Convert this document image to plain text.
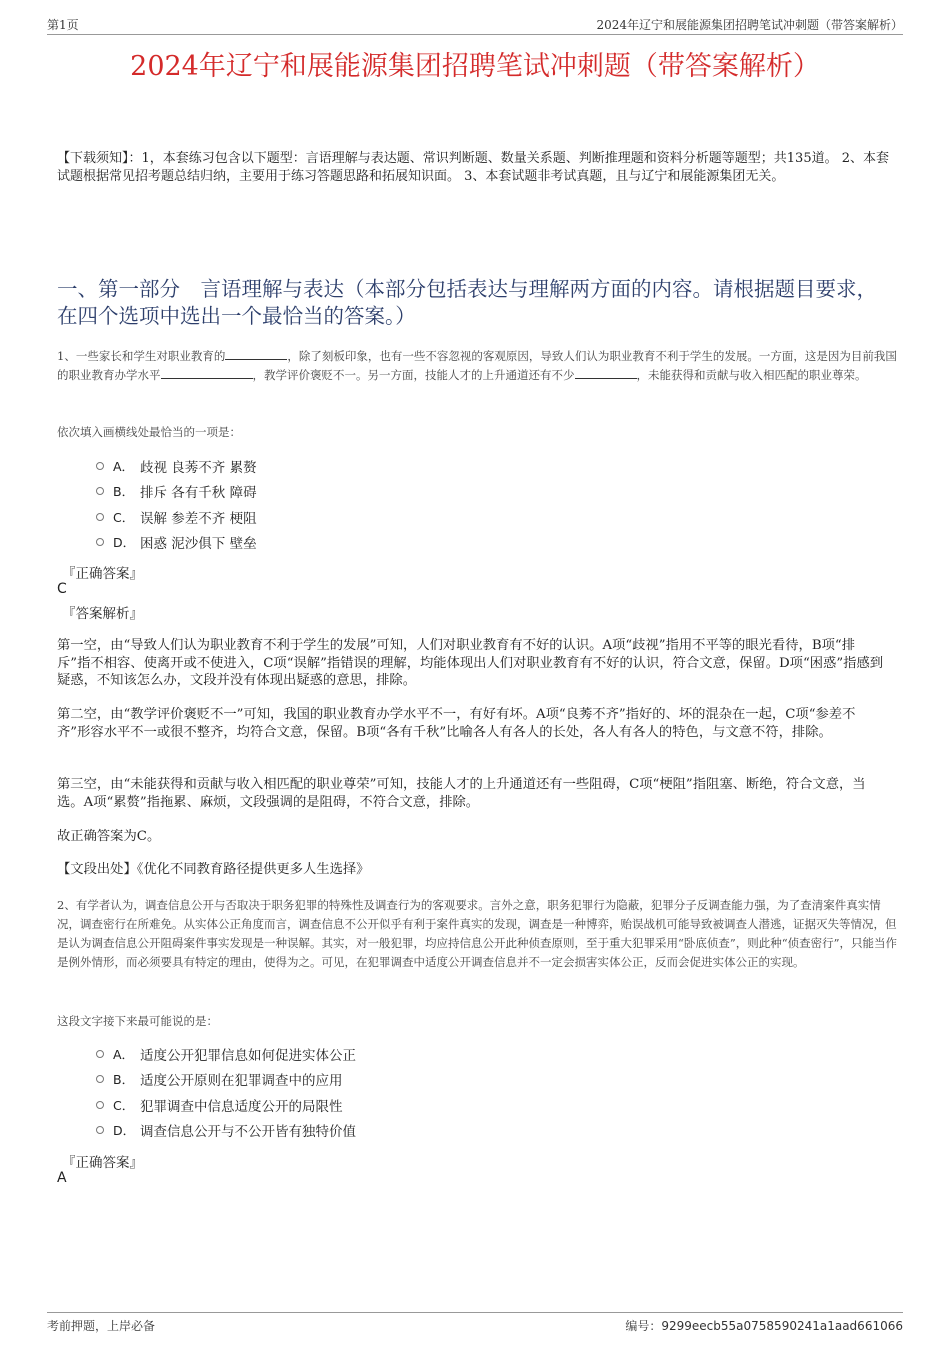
第1页	2024年辽宁和展能源集团招聘笔试冲刺题（带答案解析）
2024年辽宁和展能源集团招聘笔试冲刺题（带答案解析）
【下载须知】：1，本套练习包含以下题型：言语理解与表达题、常识判断题、数量关系题、判断推理题和资料分析题等题型；共135道。 2、本套试题根据常见招考题总结归纳，主要用于练习答题思路和拓展知识面。 3、本套试题非考试真题，且与辽宁和展能源集团无关。
一、第一部分　言语理解与表达（本部分包括表达与理解两方面的内容。请根据题目要求，在四个选项中选出一个最恰当的答案。）
1、一些家长和学生对职业教育的	，除了刻板印象，也有一些不容忽视的客观原因，导致人们认为职业教育不利于学生的发展。一方面，这是因为目前我国的职业教育办学水平	，教学评价褒贬不一。另一方面，技能人才的上升通道还有不少	，未能获得和贡献与收入相匹配的职业尊荣。
依次填入画横线处最恰当的一项是：
A． 歧视 良莠不齐 累赘
B． 排斥 各有千秋 障碍
C． 误解 参差不齐 梗阻
D． 困惑 泥沙俱下 壁垒
『正确答案』
C
『答案解析』
第一空，由“导致人们认为职业教育不利于学生的发展”可知，人们对职业教育有不好的认识。A项“歧视”指用不平等的眼光看待，B项“排斥”指不相容、使离开或不使进入，C项“误解”指错误的理解，均能体现出人们对职业教育有不好的认识，符合文意，保留。D项“困惑”指感到疑惑，不知该怎么办，文段并没有体现出疑惑的意思，排除。
第二空，由“教学评价褒贬不一”可知，我国的职业教育办学水平不一，有好有坏。A项“良莠不齐”指好的、坏的混杂在一起，C项“参差不齐”形容水平不一或很不整齐，均符合文意，保留。B项“各有千秋”比喻各人有各人的长处，各人有各人的特色，与文意不符，排除。
第三空，由“未能获得和贡献与收入相匹配的职业尊荣”可知，技能人才的上升通道还有一些阻碍，C项“梗阻”指阻塞、断绝，符合文意，当选。A项“累赘”指拖累、麻烦，文段强调的是阻碍，不符合文意，排除。
故正确答案为C。
【文段出处】《优化不同教育路径提供更多人生选择》
2、有学者认为，调查信息公开与否取决于职务犯罪的特殊性及调查行为的客观要求。言外之意，职务犯罪行为隐蔽，犯罪分子反调查能力强，为了查清案件真实情况，调查密行在所难免。从实体公正角度而言，调查信息不公开似乎有利于案件真实的发现，调查是一种博弈，贻误战机可能导致被调查人潜逃，证据灭失等情况，但是认为调查信息公开阻碍案件事实发现是一种误解。其实，对一般犯罪，均应持信息公开此种侦查原则，至于重大犯罪采用“卧底侦查”，则此种“侦查密行”，只能当作是例外情形，而必须要具有特定的理由，使得为之。可见，在犯罪调查中适度公开调查信息并不一定会损害实体公正，反而会促进实体公正的实现。
这段文字接下来最可能说的是：
A． 适度公开犯罪信息如何促进实体公正
B． 适度公开原则在犯罪调查中的应用
C． 犯罪调查中信息适度公开的局限性
D． 调查信息公开与不公开皆有独特价值
『正确答案』
A
考前押题，上岸必备	编号：9299eecb55a0758590241a1aad661066
